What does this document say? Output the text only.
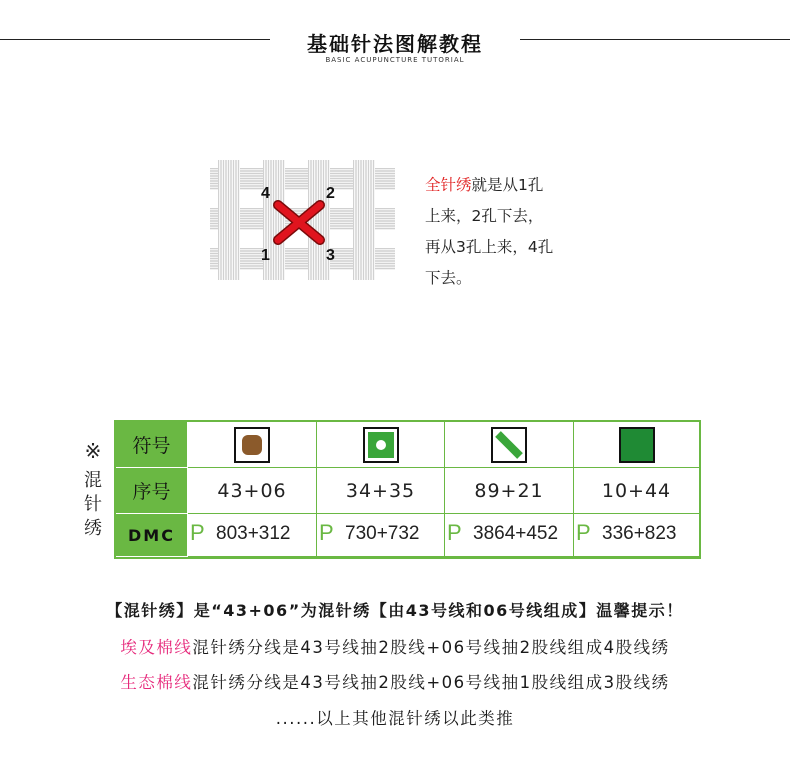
基础针法图解教程
BASIC ACUPUNCTURE TUTORIAL
4	2
1	3
全针绣就是从1孔
上来，2孔下去，
再从3孔上来，4孔
下去。
※
混
针
绣
符号
序号
DMC
43+06
P 803+312
34+35
P 730+732
89+21
P 3864+452
10+44
P 336+823
【混针绣】是“43+06”为混针绣【由43号线和06号线组成】温馨提示！
埃及棉线混针绣分线是43号线抽2股线+06号线抽2股线组成4股线绣
生态棉线混针绣分线是43号线抽2股线+06号线抽1股线组成3股线绣
......以上其他混针绣以此类推
